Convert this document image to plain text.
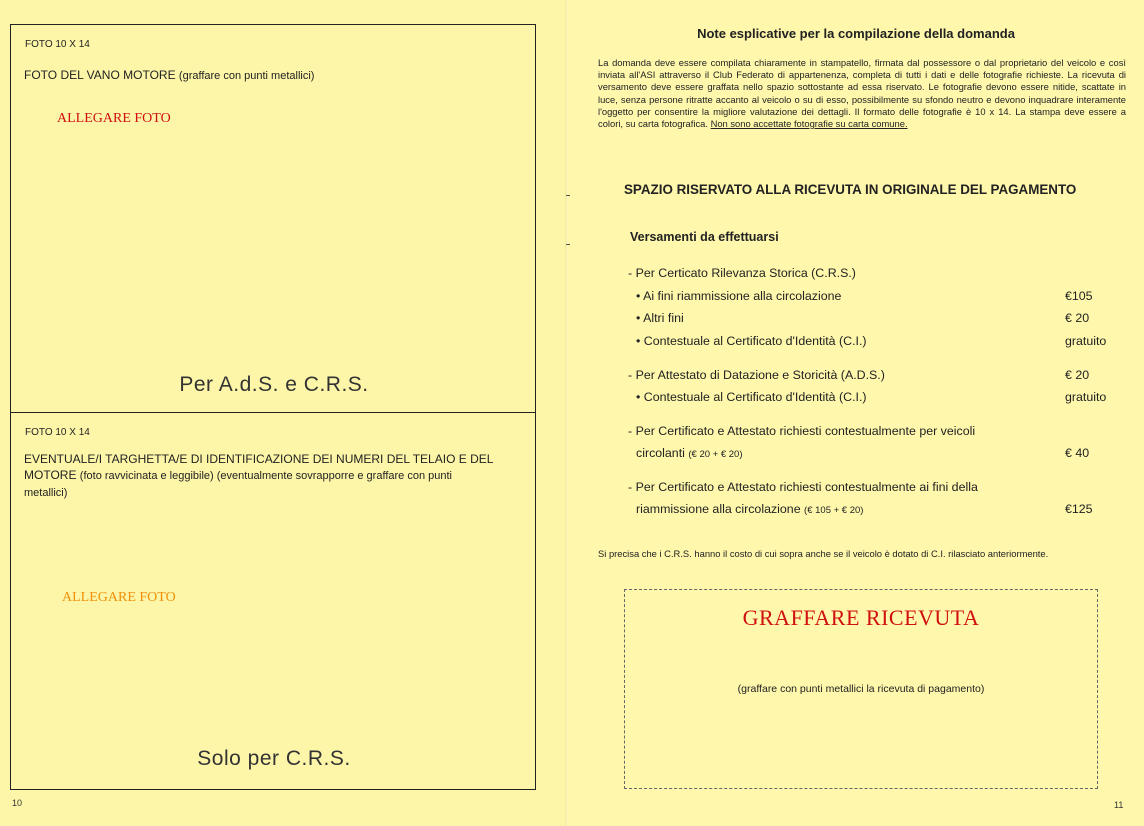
FOTO 10 X 14
FOTO DEL VANO MOTORE (graffare con punti metallici)
ALLEGARE FOTO
Per A.d.S. e C.R.S.
FOTO 10 X 14
EVENTUALE/I TARGHETTA/E DI IDENTIFICAZIONE DEI NUMERI DEL TELAIO E DEL MOTORE (foto ravvicinata e leggibile) (eventualmente sovrapporre e graffare con punti metallici)
ALLEGARE FOTO
Solo per C.R.S.
10
Note esplicative per la compilazione della domanda
La domanda deve essere compilata chiaramente in stampatello, firmata dal possessore o dal proprietario del veicolo e così inviata all'ASI attraverso il Club Federato di appartenenza, completa di tutti i dati e delle fotografie richieste. La ricevuta di versamento deve essere graffata nello spazio sottostante ad essa riservato. Le fotografie devono essere nitide, scattate in luce, senza persone ritratte accanto al veicolo o su di esso, possibilmente su sfondo neutro e devono inquadrare interamente l'oggetto per consentire la migliore valutazione dei dettagli. Il formato delle fotografie è 10 x 14. La stampa deve essere a colori, su carta fotografica. Non sono accettate fotografie su carta comune.
SPAZIO RISERVATO ALLA RICEVUTA IN ORIGINALE DEL PAGAMENTO
Versamenti da effettuarsi
- Per Certicato Rilevanza Storica (C.R.S.)
• Ai fini riammissione alla circolazione	€105
• Altri fini	€ 20
• Contestuale al Certificato d'Identità (C.I.)	gratuito
- Per Attestato di Datazione e Storicità (A.D.S.)	€ 20
• Contestuale al Certificato d'Identità (C.I.)	gratuito
- Per Certificato e Attestato richiesti contestualmente per veicoli
circolanti (€ 20 + € 20)	€ 40
- Per Certificato e Attestato richiesti contestualmente ai fini della
riammissione alla circolazione (€ 105 + € 20)	€125
Si precisa che i C.R.S. hanno il costo di cui sopra anche se il veicolo è dotato di C.I. rilasciato anteriormente.
GRAFFARE RICEVUTA
(graffare con punti metallici la ricevuta di pagamento)
11
